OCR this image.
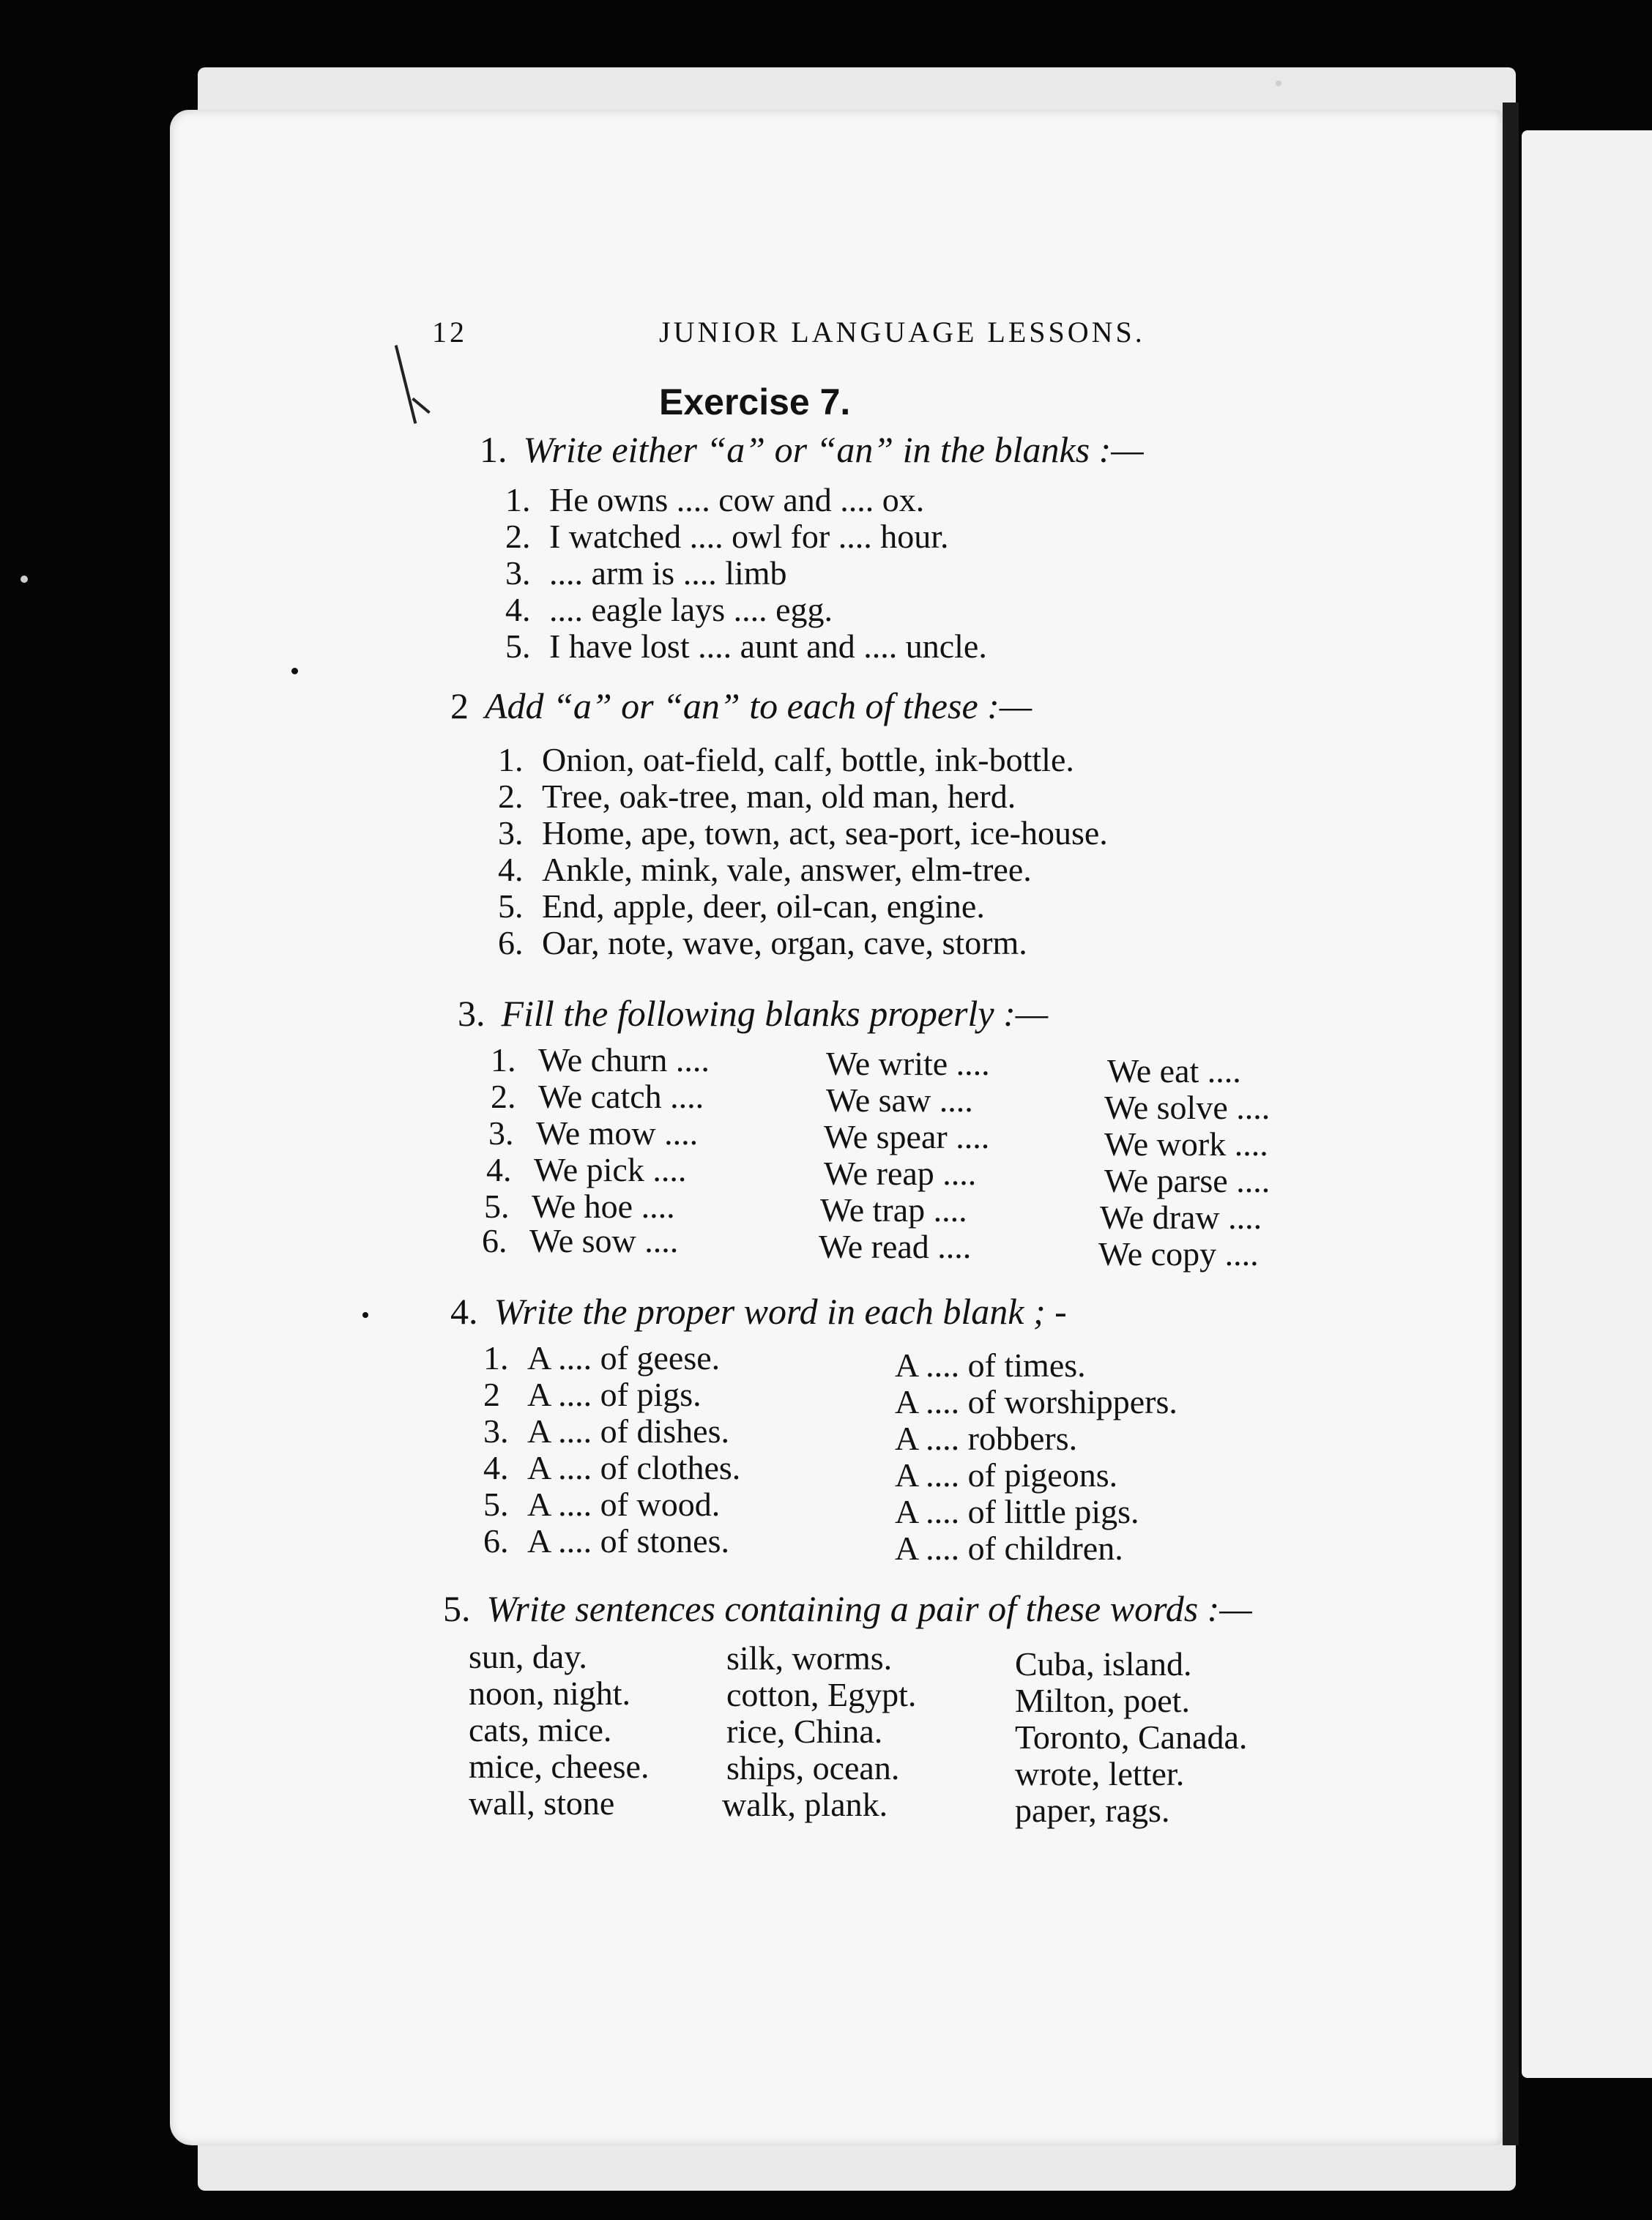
12	JUNIOR LANGUAGE LESSONS.
Exercise 7.
1. Write either “a” or “an” in the blanks :—
1. He owns .... cow and .... ox.
2. I watched .... owl for .... hour.
3. .... arm is .... limb
4. .... eagle lays .... egg.
5. I have lost .... aunt and .... uncle.
2 Add “a” or “an” to each of these :—
1. Onion, oat-field, calf, bottle, ink-bottle.
2. Tree, oak-tree, man, old man, herd.
3. Home, ape, town, act, sea-port, ice-house.
4. Ankle, mink, vale, answer, elm-tree.
5. End, apple, deer, oil-can, engine.
6. Oar, note, wave, organ, cave, storm.
3. Fill the following blanks properly :—
1. We churn ....	We write ....	We eat ....
2. We catch ....	We saw ....	We solve ....
3. We mow ....	We spear ....	We work ....
4. We pick ....	We reap ....	We parse ....
5. We hoe ....	We trap ....	We draw ....
6. We sow ....	We read ....	We copy ....
4. Write the proper word in each blank ; -
1. A .... of geese.	A .... of times.
2 A .... of pigs.	A .... of worshippers.
3. A .... of dishes.	A .... robbers.
4. A .... of clothes.	A .... of pigeons.
5. A .... of wood.	A .... of little pigs.
6. A .... of stones.	A .... of children.
5. Write sentences containing a pair of these words :—
sun, day.	silk, worms.	Cuba, island.
noon, night.	cotton, Egypt.	Milton, poet.
cats, mice.	rice, China.	Toronto, Canada.
mice, cheese. ships, ocean.	wrote, letter.
wall, stone	walk, plank.	paper, rags.
